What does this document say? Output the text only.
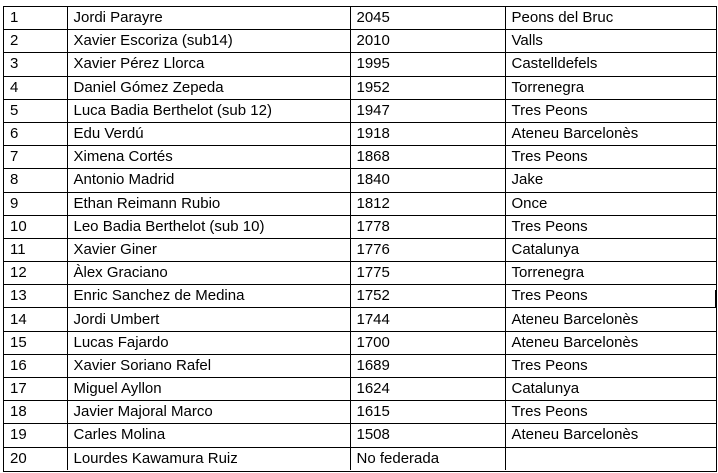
1	Jordi Parayre	2045	Peons del Bruc
2	Xavier Escoriza (sub14)	2010	Valls
3	Xavier Pérez Llorca	1995	Castelldefels
4	Daniel Gómez Zepeda	1952	Torrenegra
5	Luca Badia Berthelot (sub 12)	1947	Tres Peons
6	Edu Verdú	1918	Ateneu Barcelonès
7	Ximena Cortés	1868	Tres Peons
8	Antonio Madrid	1840	Jake
9	Ethan Reimann Rubio	1812	Once
10	Leo Badia Berthelot (sub 10)	1778	Tres Peons
11	Xavier Giner	1776	Catalunya
12	Àlex Graciano	1775	Torrenegra
13	Enric Sanchez de Medina	1752	Tres Peons
14	Jordi Umbert	1744	Ateneu Barcelonès
15	Lucas Fajardo	1700	Ateneu Barcelonès
16	Xavier Soriano Rafel	1689	Tres Peons
17	Miguel Ayllon	1624	Catalunya
18	Javier Majoral Marco	1615	Tres Peons
19	Carles Molina	1508	Ateneu Barcelonès
20	Lourdes Kawamura Ruiz	No federada	
